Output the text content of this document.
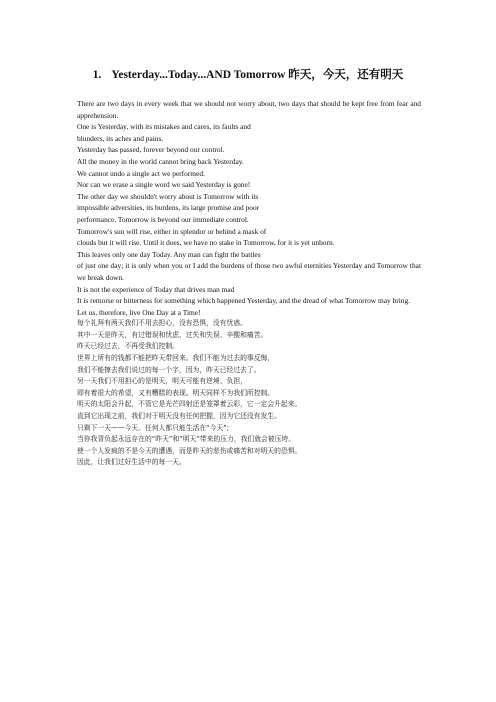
1. Yesterday...Today...AND Tomorrow 昨天，今天，还有明天
There are two days in every week that we should not worry about, two days that should be kept free from fear and apprehension.
One is Yesterday, with its mistakes and cares, its faults and
blunders, its aches and pains.
Yesterday has passed, forever beyond our control.
All the money in the world cannot bring back Yesterday.
We cannot undo a single act we performed.
Nor can we erase a single word we said Yesterday is gone!
The other day we shouldn't worry about is Tomorrow with its
impossible adversities, its burdens, its large promise and poor
performance. Tomorrow is beyond our immediate control.
Tomorrow's sun will rise, either in splendor or behind a mask of
clouds but it will rise. Until it does, we have no stake in Tomorrow, for it is yet unborn.
This leaves only one day Today. Any man can fight the battles
of just one day; it is only when you or I add the burdens of those two awful eternities Yesterday and Tomorrow that we break down.
It is not the experience of Today that drives man mad
It is remorse or bitterness for something which happened Yesterday, and the dread of what Tomorrow may bring.
Let us, therefore, live One Day at a Time!
每个礼拜有两天我们不用去担心，没有恐惧，没有忧惑。
其中一天是昨天，有过错误和忧虑、过失和失误、辛酸和痛苦。
昨天已经过去，不再受我们控制。
世界上所有的钱都不能把昨天带回来。我们不能为过去的事反悔，
我们不能擦去我们说过的每一个字，因为，昨天已经过去了。
另一天我们不用担心的是明天，明天可能有逆境、负担，
即有着很大的希望，又有糟糕的表现。明天同样不为我们所控制。
明天的太阳会升起，不管它是光芒四射还是笼罩着云彩，它一定会升起来。
直到它出现之前，我们对于明天没有任何把握，因为它还没有发生。
只剩下一天——今天。任何人都只能生活在“今天”;
当你我背负起永远存在的“昨天”和“明天”带来的压力，我们就会被压垮。
使一个人发疯的不是今天的遭遇，而是昨天的悲伤或痛苦和对明天的恐惧。
因此，让我们过好生活中的每一天。
